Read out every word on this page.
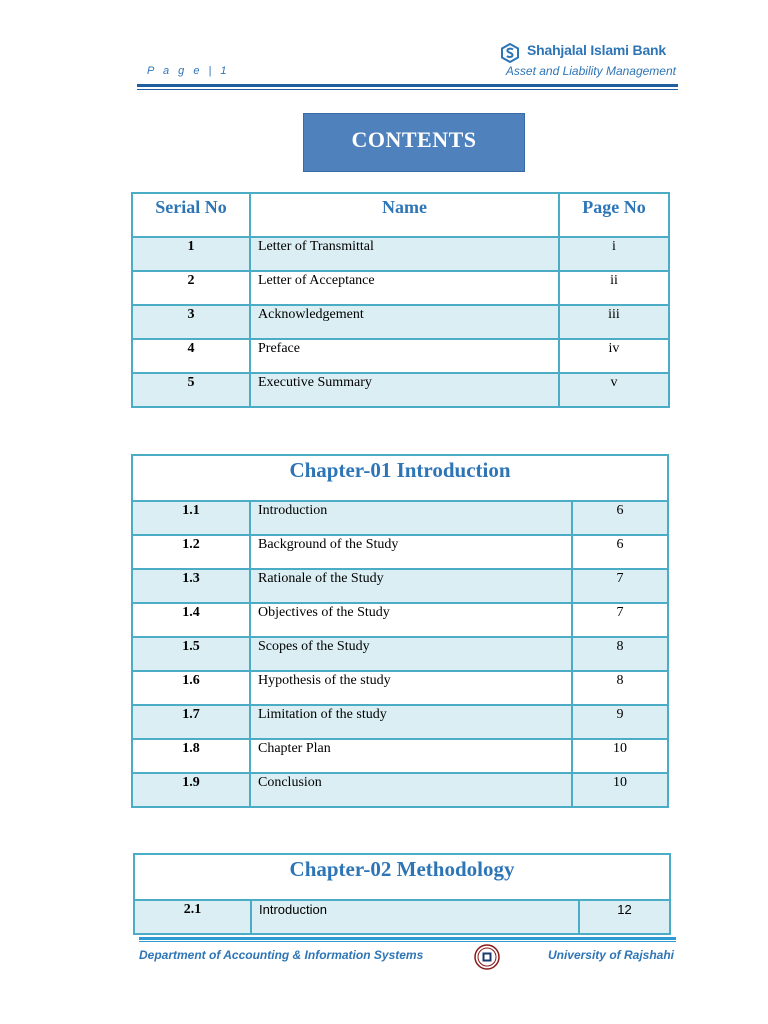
P a g e | 1
Shahjalal Islami Bank
Asset and Liability Management
CONTENTS
Serial No	Name	Page No
1	Letter of Transmittal	i
2	Letter of Acceptance	ii
3	Acknowledgement	iii
4	Preface	iv
5	Executive Summary	v
Chapter-01 Introduction		
1.1	Introduction	6
1.2	Background of the Study	6
1.3	Rationale of the Study	7
1.4	Objectives of the Study	7
1.5	Scopes of the Study	8
1.6	Hypothesis of the study	8
1.7	Limitation of the study	9
1.8	Chapter Plan	10
1.9	Conclusion	10
Chapter-02 Methodology
2.1	Introduction	12
Department of Accounting & Information Systems	University of Rajshahi
